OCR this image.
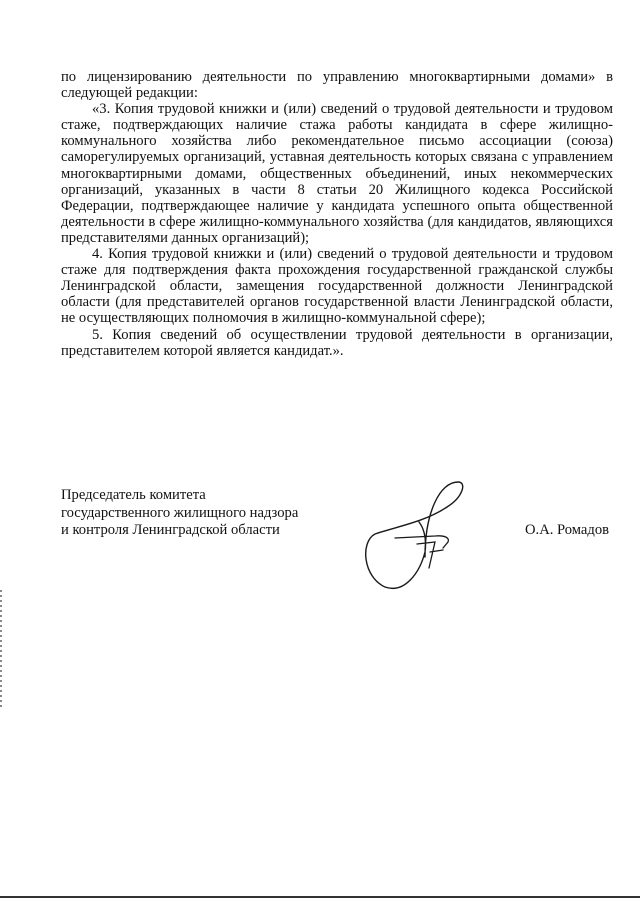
по лицензированию деятельности по управлению многоквартирными домами» в следующей редакции:

«3. Копия трудовой книжки и (или) сведений о трудовой деятельности и трудовом стаже, подтверждающих наличие стажа работы кандидата в сфере жилищно-коммунального хозяйства либо рекомендательное письмо ассоциации (союза) саморегулируемых организаций, уставная деятельность которых связана с управлением многоквартирными домами, общественных объединений, иных некоммерческих организаций, указанных в части 8 статьи 20 Жилищного кодекса Российской Федерации, подтверждающее наличие у кандидата успешного опыта общественной деятельности в сфере жилищно-коммунального хозяйства (для кандидатов, являющихся представителями данных организаций);

4. Копия трудовой книжки и (или) сведений о трудовой деятельности и трудовом стаже для подтверждения факта прохождения государственной гражданской службы Ленинградской области, замещения государственной должности Ленинградской области (для представителей органов государственной власти Ленинградской области, не осуществляющих полномочия в жилищно-коммунальной сфере);

5. Копия сведений об осуществлении трудовой деятельности в организации, представителем которой является кандидат.».

Председатель комитета
государственного жилищного надзора
и контроля Ленинградской области	О.А. Ромадов
